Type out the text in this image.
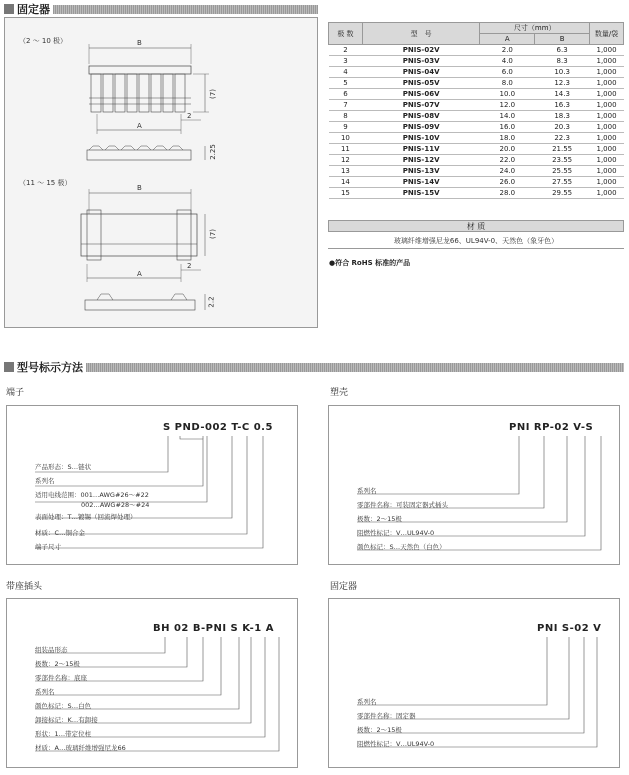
固定器
（2 ～ 10 极）
（11 ～ 15 极）
B
A
(7)
2
2.25
B
A
(7)
2
2.2
极 数	型　号	尺寸（mm）		数量/袋
		A	B	
2	PNIS-02V	2.0	6.3	1,000
3	PNIS-03V	4.0	8.3	1,000
4	PNIS-04V	6.0	10.3	1,000
5	PNIS-05V	8.0	12.3	1,000
6	PNIS-06V	10.0	14.3	1,000
7	PNIS-07V	12.0	16.3	1,000
8	PNIS-08V	14.0	18.3	1,000
9	PNIS-09V	16.0	20.3	1,000
10	PNIS-10V	18.0	22.3	1,000
11	PNIS-11V	20.0	21.55	1,000
12	PNIS-12V	22.0	23.55	1,000
13	PNIS-13V	24.0	25.55	1,000
14	PNIS-14V	26.0	27.55	1,000
15	PNIS-15V	28.0	29.55	1,000
材 质
玻璃纤维增强尼龙66、UL94V-0、天然色（象牙色）
●符合 RoHS 标准的产品
型号标示方法
端子
S PND-002 T-C 0.5
产品形态：S…链状
系列名
适用电线范围：001…AWG#26～#22
002…AWG#28～#24
表面处理：T…镀锡（回流焊处理）
材质：C…铜合金
端子尺寸
塑壳
PNI RP-02 V-S
系列名
零部件名称：可装固定器式插头
极数：2～15极
阻燃性标记：V…UL94V-0
颜色标记：S…天然色（白色）
带座插头
BH 02 B-PNI S K-1 A
组装品形态
极数：2～15极
零部件名称：底座
系列名
颜色标记：S…白色
卸接标记：K…有卸接
形状：1…带定位柱
材质：A…玻璃纤维增强尼龙66
固定器
PNI S-02 V
系列名
零部件名称：固定器
极数：2～15极
阻燃性标记：V…UL94V-0
